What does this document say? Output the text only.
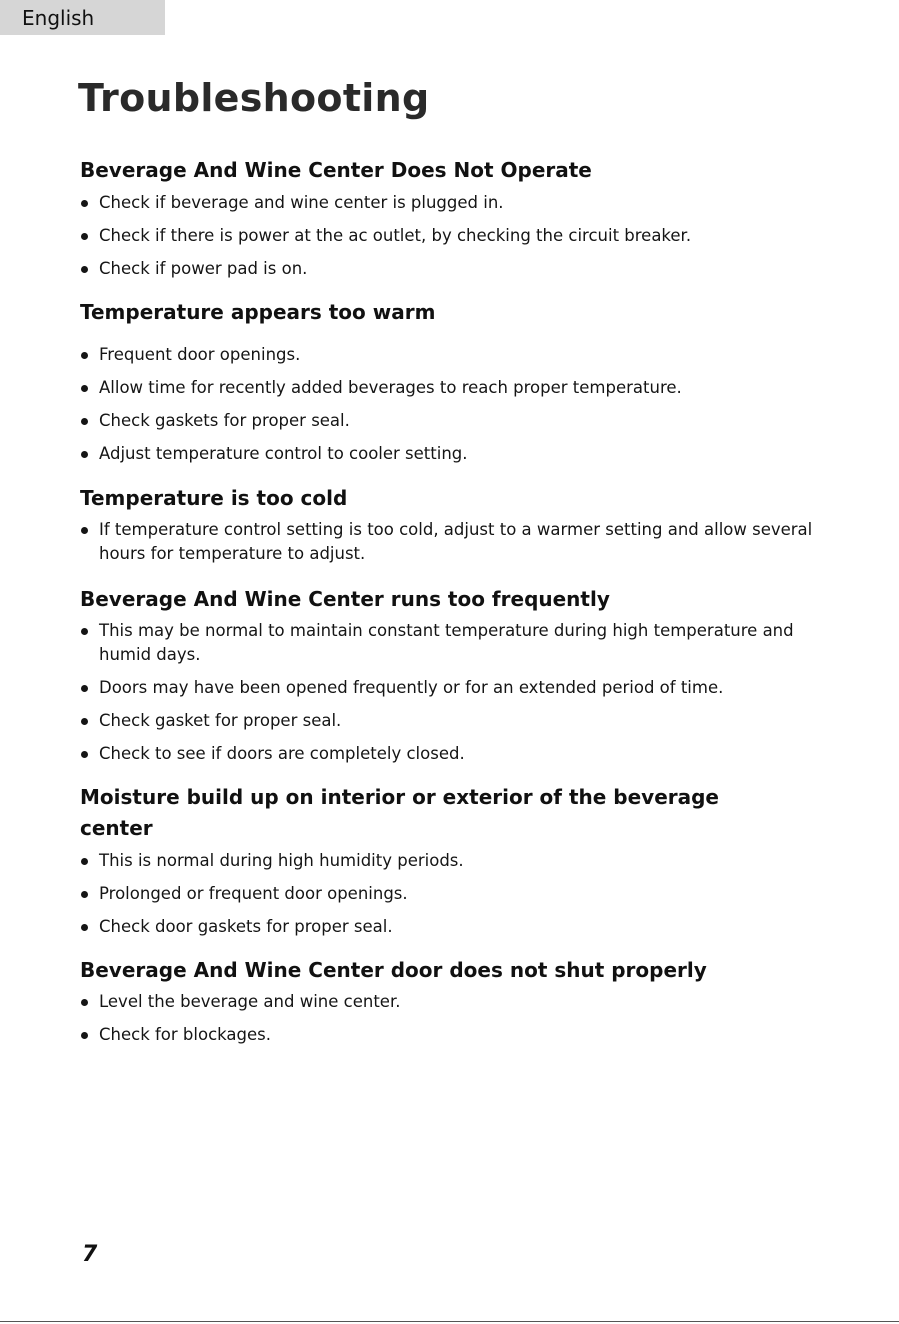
English
Troubleshooting
Beverage And Wine Center Does Not Operate
Check if beverage and wine center is plugged in.
Check if there is power at the ac outlet, by checking the circuit breaker.
Check if power pad is on.
Temperature appears too warm
Frequent door openings.
Allow time for recently added beverages to reach proper temperature.
Check gaskets for proper seal.
Adjust temperature control to cooler setting.
Temperature is too cold
If temperature control setting is too cold, adjust to a warmer setting and allow several hours for temperature to adjust.
Beverage And Wine Center runs too frequently
This may be normal to maintain constant temperature during high temperature and humid days.
Doors may have been opened frequently or for an extended period of time.
Check gasket for proper seal.
Check to see if doors are completely closed.
Moisture build up on interior or exterior of the beverage center
This is normal during high humidity periods.
Prolonged or frequent door openings.
Check door gaskets for proper seal.
Beverage And Wine Center door does not shut properly
Level the beverage and wine center.
Check for blockages.
7
